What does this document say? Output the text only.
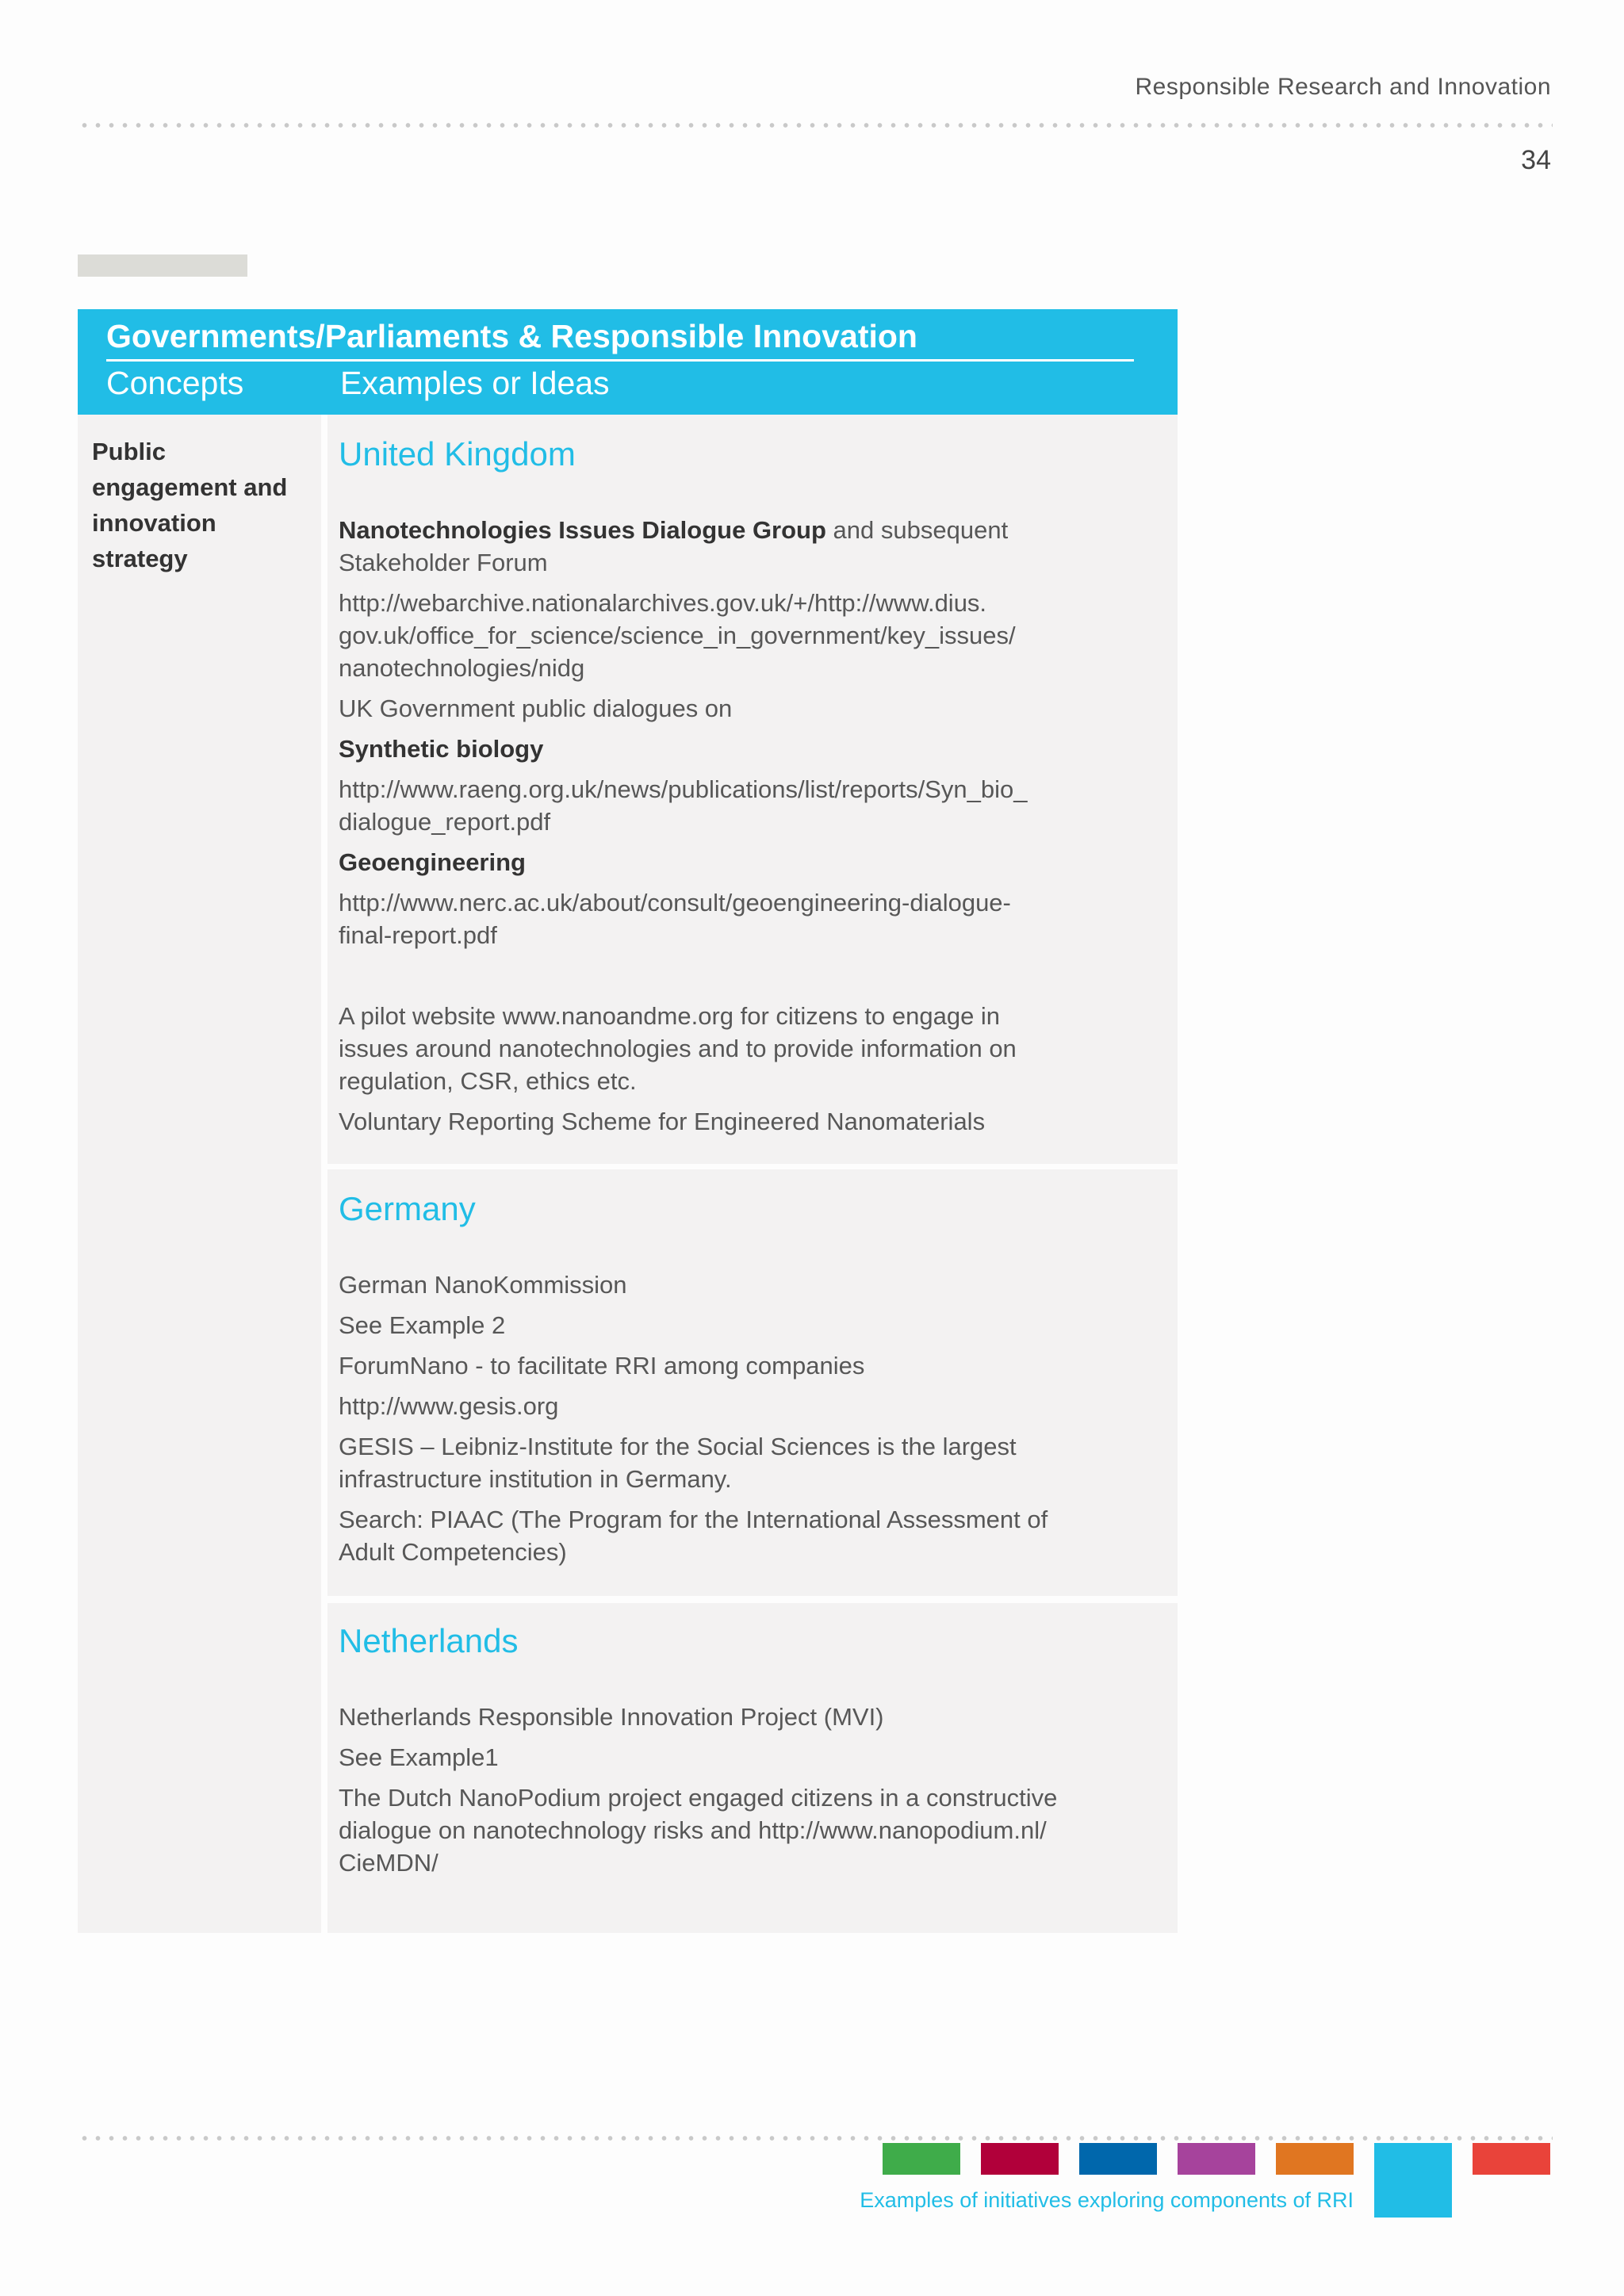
Responsible Research and Innovation
34
Governments/Parliaments & Responsible Innovation
Concepts	Examples or Ideas
Public engagement and innovation strategy
United Kingdom
Nanotechnologies Issues Dialogue Group and subsequent
Stakeholder Forum
http://webarchive.nationalarchives.gov.uk/+/http://www.dius.
gov.uk/office_for_science/science_in_government/key_issues/
nanotechnologies/nidg
UK Government public dialogues on
Synthetic biology
http://www.raeng.org.uk/news/publications/list/reports/Syn_bio_
dialogue_report.pdf
Geoengineering
http://www.nerc.ac.uk/about/consult/geoengineering-dialogue-
final-report.pdf
A pilot website www.nanoandme.org for citizens to engage in
issues around nanotechnologies and to provide information on
regulation, CSR, ethics etc.
Voluntary Reporting Scheme for Engineered Nanomaterials
Germany
German NanoKommission
See Example 2
ForumNano - to facilitate RRI among companies
http://www.gesis.org
GESIS – Leibniz-Institute for the Social Sciences is the largest
infrastructure institution in Germany.
Search: PIAAC (The Program for the International Assessment of
Adult Competencies)
Netherlands
Netherlands Responsible Innovation Project (MVI)
See Example1
The Dutch NanoPodium project engaged citizens in a constructive
dialogue on nanotechnology risks and http://www.nanopodium.nl/
CieMDN/
Examples of initiatives exploring components of RRI
